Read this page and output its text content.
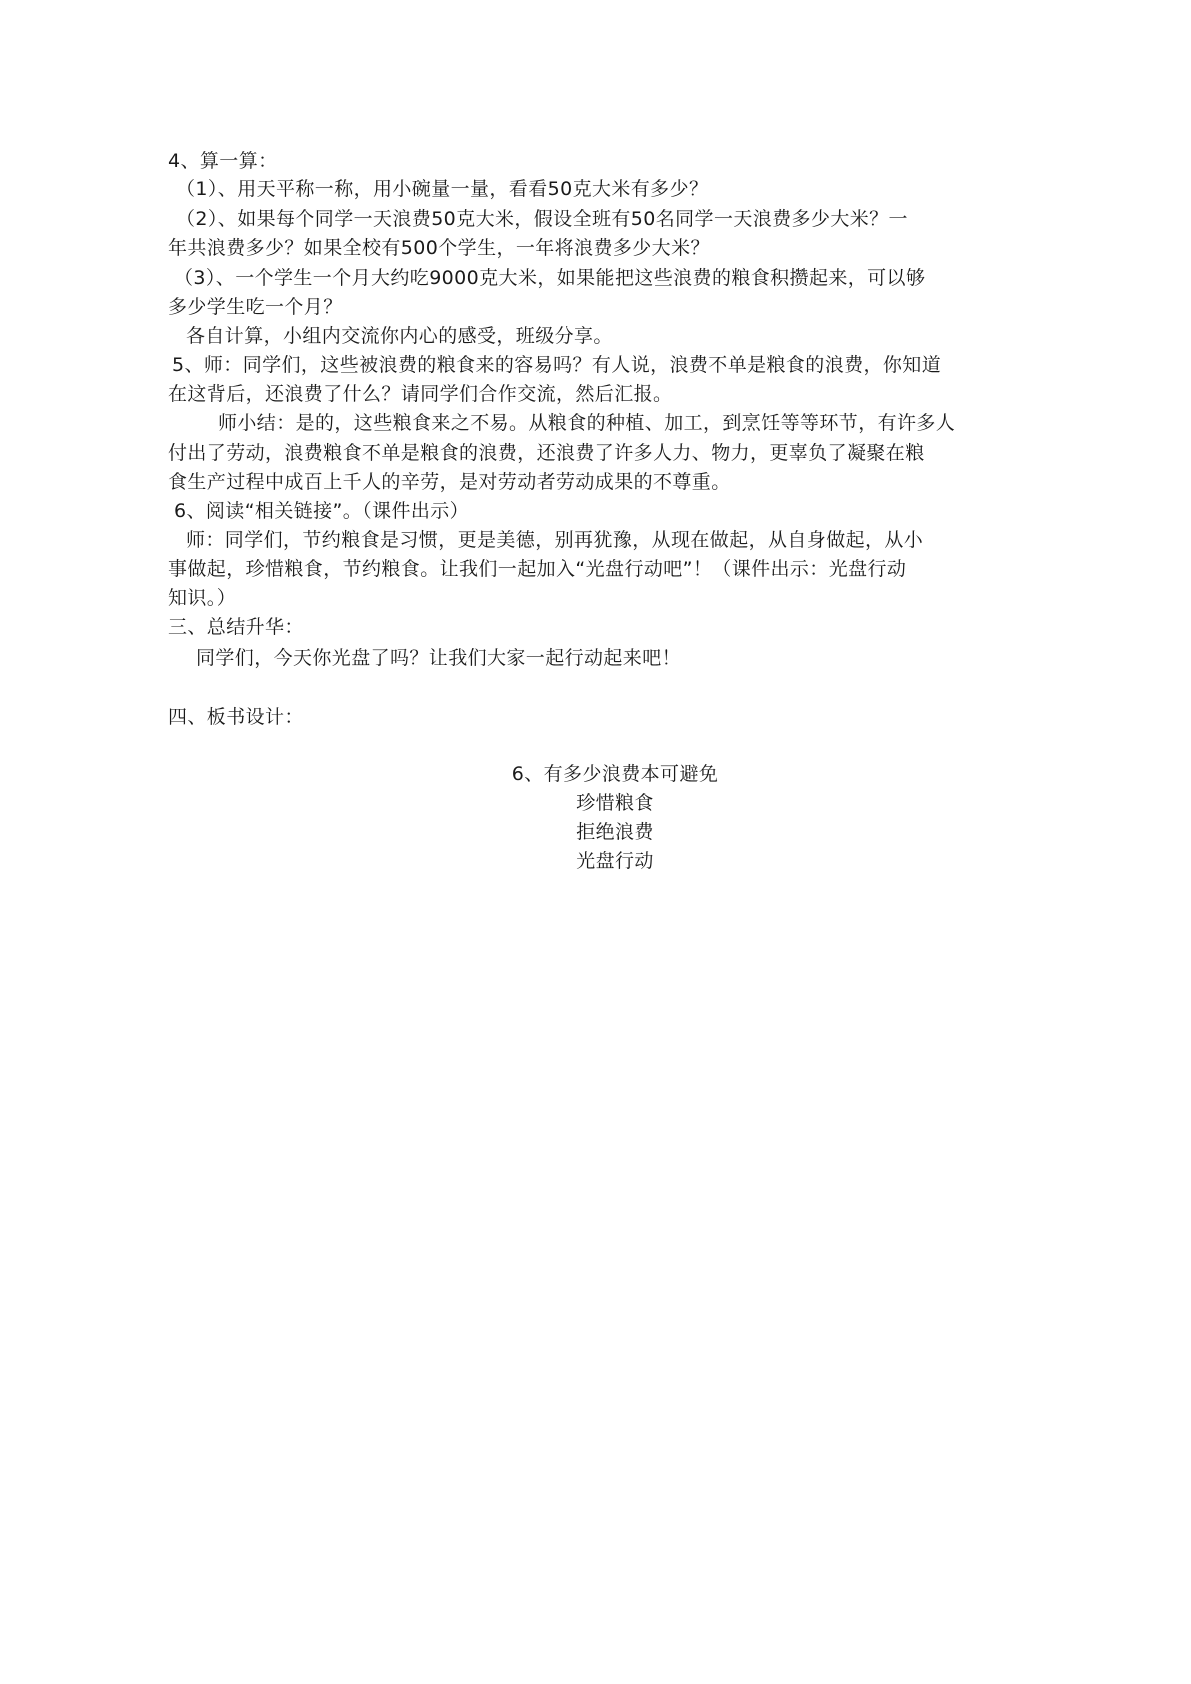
4、算一算：
（1）、用天平称一称，用小碗量一量，看看50克大米有多少？
（2）、如果每个同学一天浪费50克大米，假设全班有50名同学一天浪费多少大米？一
年共浪费多少？如果全校有500个学生，一年将浪费多少大米？
（3）、一个学生一个月大约吃9000克大米，如果能把这些浪费的粮食积攒起来，可以够
多少学生吃一个月？
各自计算，小组内交流你内心的感受，班级分享。
5、师：同学们，这些被浪费的粮食来的容易吗？有人说，浪费不单是粮食的浪费，你知道
在这背后，还浪费了什么？请同学们合作交流，然后汇报。
师小结：是的，这些粮食来之不易。从粮食的种植、加工，到烹饪等等环节，有许多人
付出了劳动，浪费粮食不单是粮食的浪费，还浪费了许多人力、物力，更辜负了凝聚在粮
食生产过程中成百上千人的辛劳，是对劳动者劳动成果的不尊重。
6、阅读“相关链接”。（课件出示）
师：同学们，节约粮食是习惯，更是美德，别再犹豫，从现在做起，从自身做起，从小
事做起，珍惜粮食，节约粮食。让我们一起加入“光盘行动吧”！（课件出示：光盘行动
知识。）
三、总结升华：
同学们，今天你光盘了吗？让我们大家一起行动起来吧！
四、板书设计：
6、有多少浪费本可避免
珍惜粮食
拒绝浪费
光盘行动
